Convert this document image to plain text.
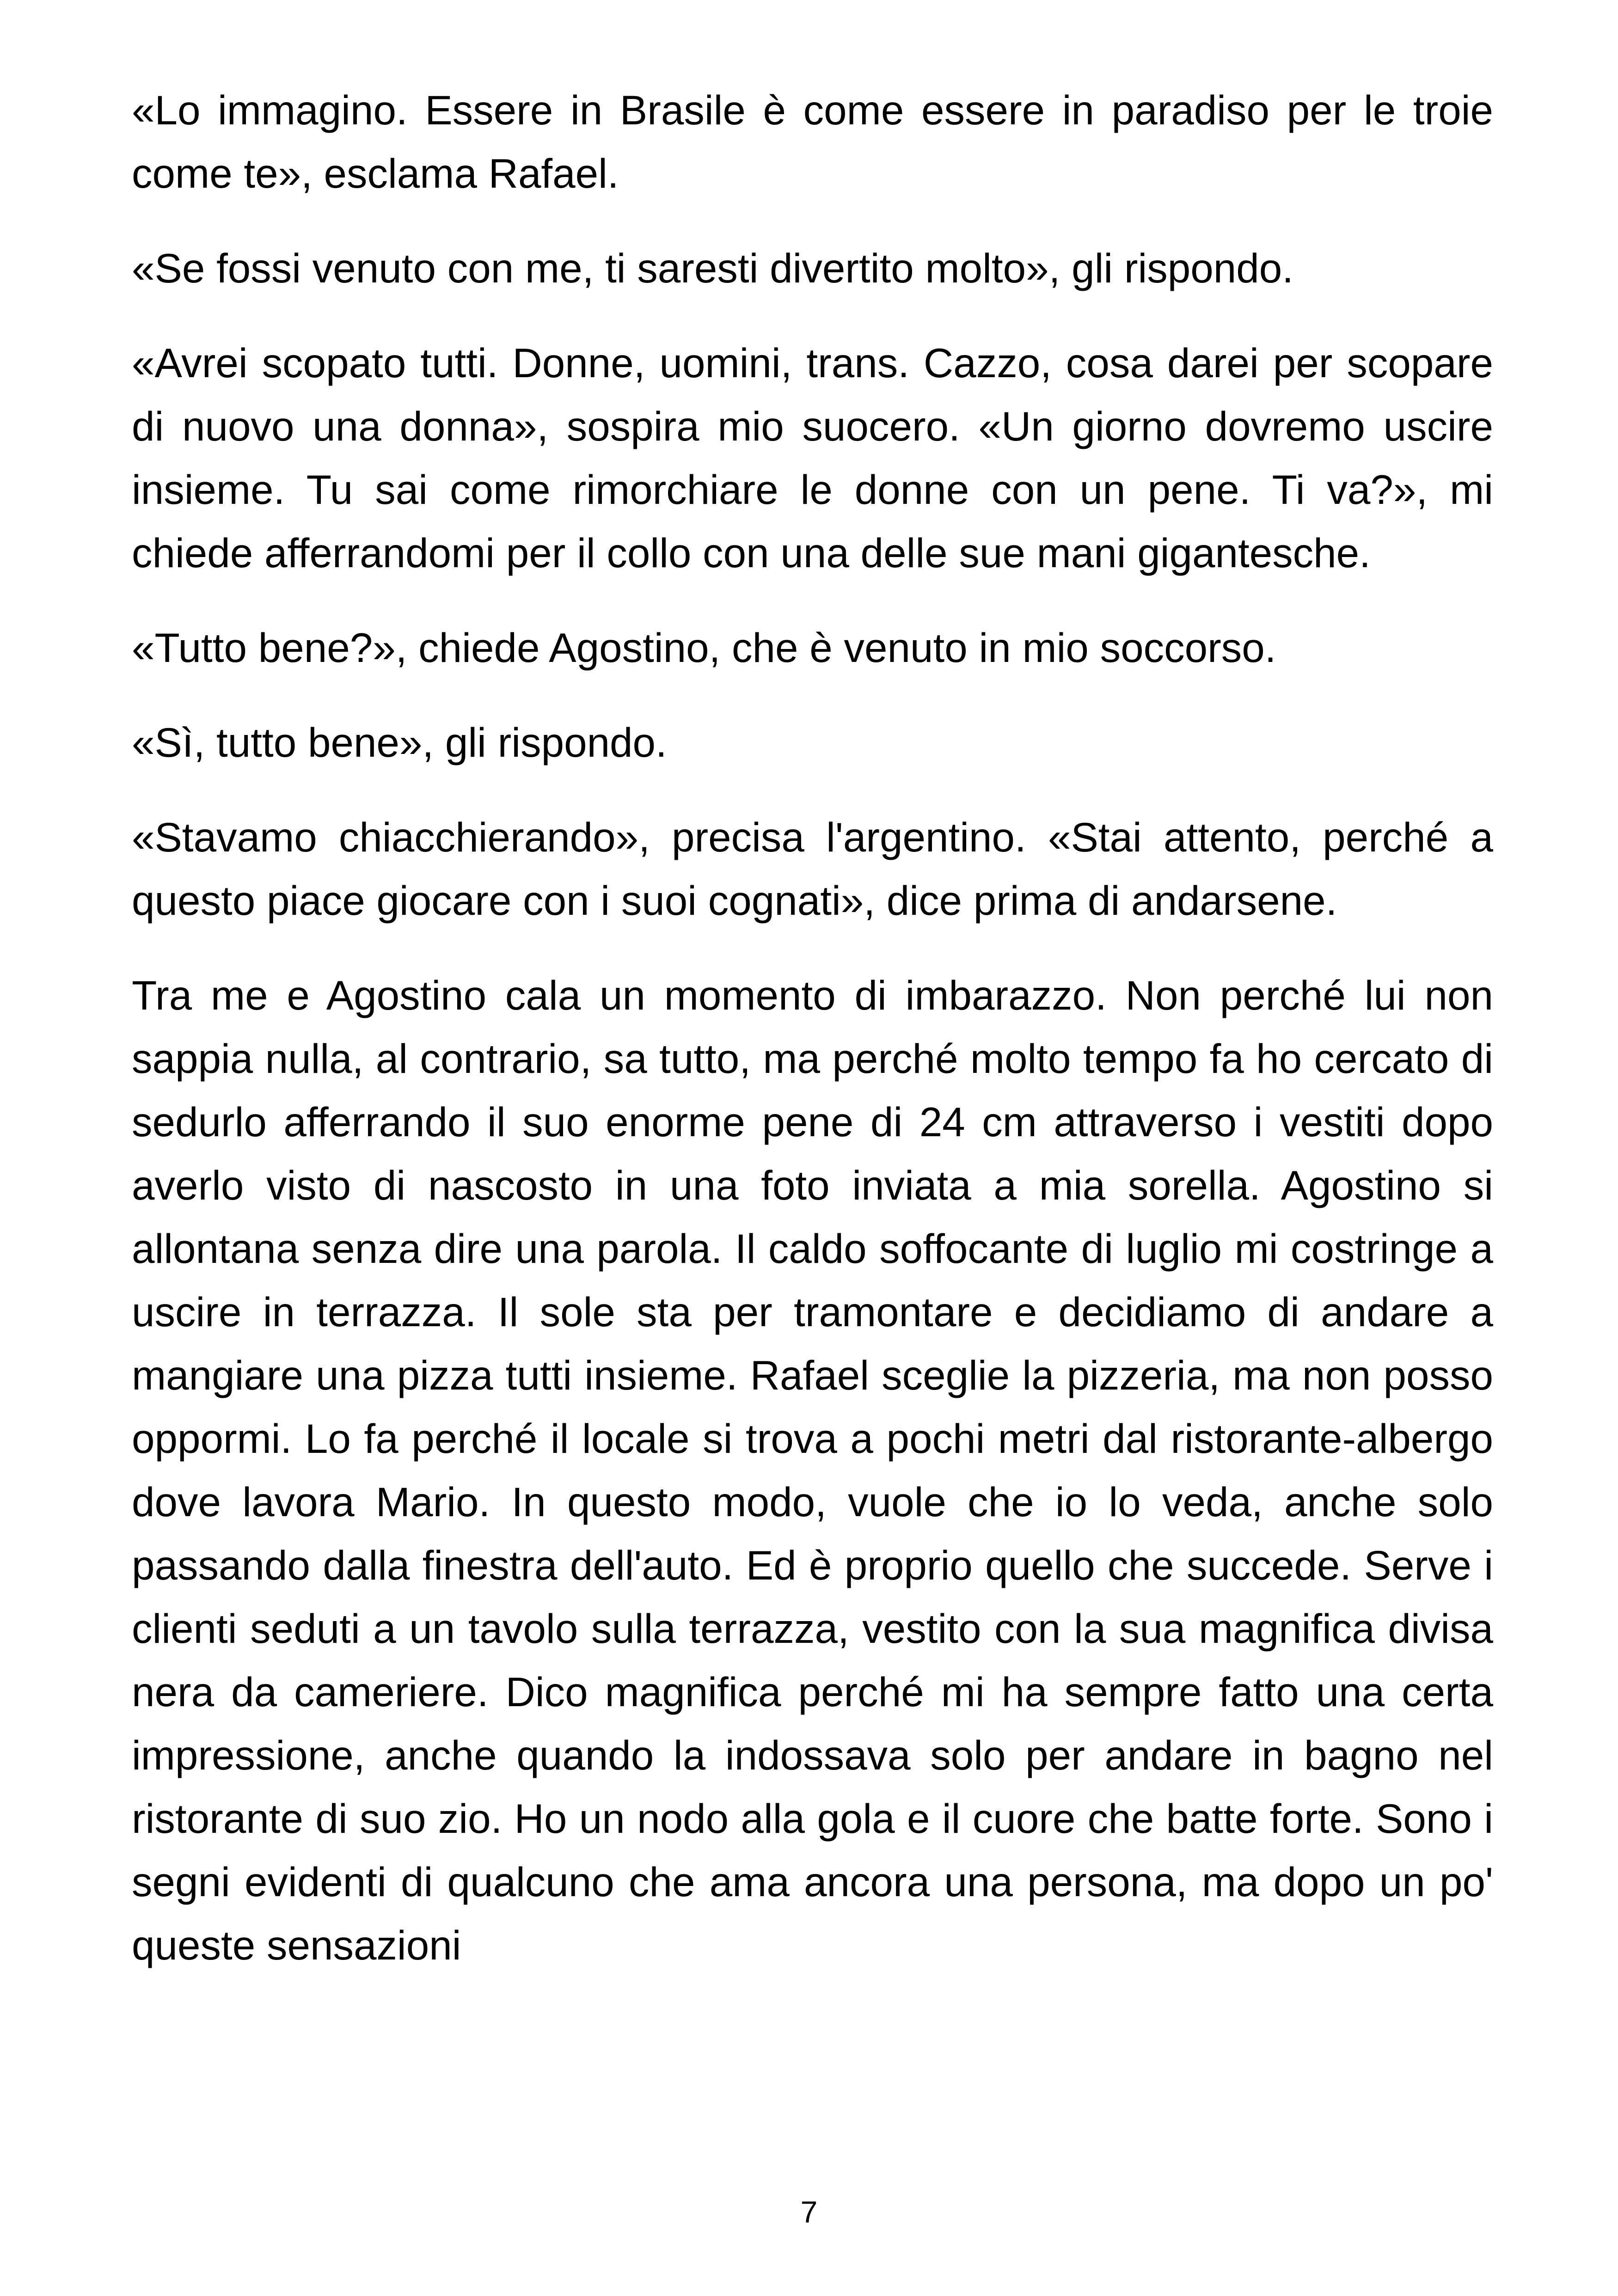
«Lo immagino. Essere in Brasile è come essere in paradiso per le troie come te», esclama Rafael.

«Se fossi venuto con me, ti saresti divertito molto», gli rispondo.

«Avrei scopato tutti. Donne, uomini, trans. Cazzo, cosa darei per scopare di nuovo una donna», sospira mio suocero. «Un giorno dovremo uscire insieme. Tu sai come rimorchiare le donne con un pene. Ti va?», mi chiede afferrandomi per il collo con una delle sue mani gigantesche.

«Tutto bene?», chiede Agostino, che è venuto in mio soccorso.

«Sì, tutto bene», gli rispondo.

«Stavamo chiacchierando», precisa l'argentino. «Stai attento, perché a questo piace giocare con i suoi cognati», dice prima di andarsene.

Tra me e Agostino cala un momento di imbarazzo. Non perché lui non sappia nulla, al contrario, sa tutto, ma perché molto tempo fa ho cercato di sedurlo afferrando il suo enorme pene di 24 cm attraverso i vestiti dopo averlo visto di nascosto in una foto inviata a mia sorella. Agostino si allontana senza dire una parola. Il caldo soffocante di luglio mi costringe a uscire in terrazza. Il sole sta per tramontare e decidiamo di andare a mangiare una pizza tutti insieme. Rafael sceglie la pizzeria, ma non posso oppormi. Lo fa perché il locale si trova a pochi metri dal ristorante-albergo dove lavora Mario. In questo modo, vuole che io lo veda, anche solo passando dalla finestra dell'auto. Ed è proprio quello che succede. Serve i clienti seduti a un tavolo sulla terrazza, vestito con la sua magnifica divisa nera da cameriere. Dico magnifica perché mi ha sempre fatto una certa impressione, anche quando la indossava solo per andare in bagno nel ristorante di suo zio. Ho un nodo alla gola e il cuore che batte forte. Sono i segni evidenti di qualcuno che ama ancora una persona, ma dopo un po' queste sensazioni

7
